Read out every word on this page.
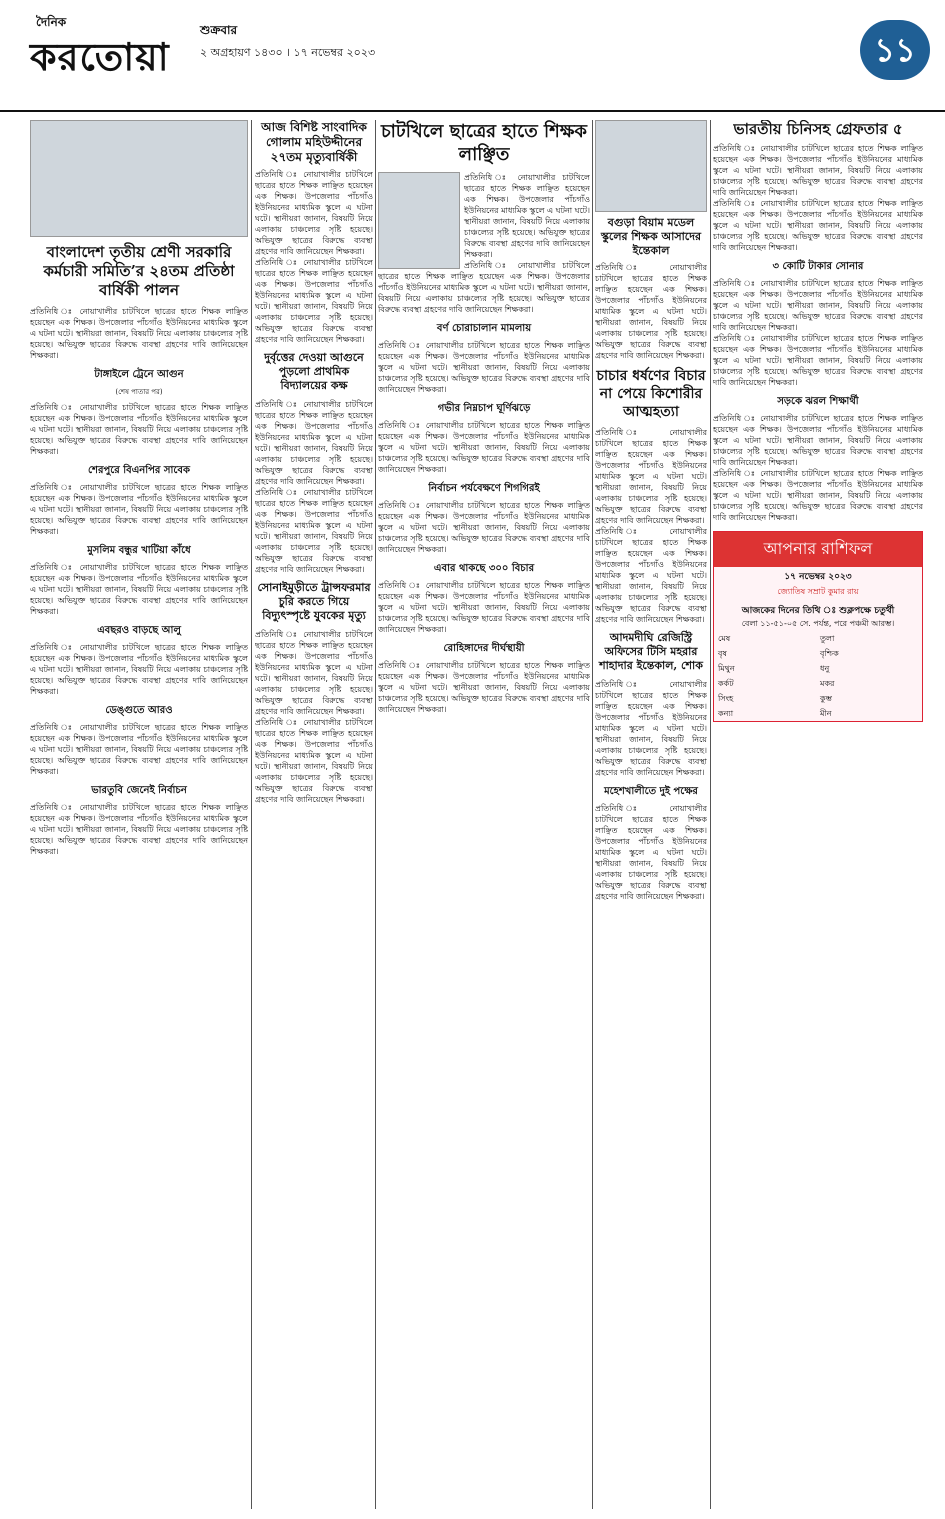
দৈনিক
করতোয়া
শুক্রবার
২ অগ্রহায়ণ ১৪৩০ । ১৭ নভেম্বর ২০২৩	১১
বাংলাদেশ তৃতীয় শ্রেণী সরকারি কর্মচারী সমিতি’র ২৪তম প্রতিষ্ঠা বার্ষিকী পালন
প্রতিনিধি ঃ নোয়াখালীর চাটখিলে ছাত্রের হাতে শিক্ষক লাঞ্ছিত হয়েছেন এক শিক্ষক। উপজেলার পাঁচগাঁও ইউনিয়নের মাধ্যমিক স্কুলে এ ঘটনা ঘটে। স্থানীয়রা জানান, বিষয়টি নিয়ে এলাকায় চাঞ্চল্যের সৃষ্টি হয়েছে। অভিযুক্ত ছাত্রের বিরুদ্ধে ব্যবস্থা গ্রহণের দাবি জানিয়েছেন শিক্ষকরা।
টাঙ্গাইলে ট্রেনে আগুন
(শেষ পাতার পর)
প্রতিনিধি ঃ নোয়াখালীর চাটখিলে ছাত্রের হাতে শিক্ষক লাঞ্ছিত হয়েছেন এক শিক্ষক। উপজেলার পাঁচগাঁও ইউনিয়নের মাধ্যমিক স্কুলে এ ঘটনা ঘটে। স্থানীয়রা জানান, বিষয়টি নিয়ে এলাকায় চাঞ্চল্যের সৃষ্টি হয়েছে। অভিযুক্ত ছাত্রের বিরুদ্ধে ব্যবস্থা গ্রহণের দাবি জানিয়েছেন শিক্ষকরা।
শেরপুরে বিএনপির সাবেক
প্রতিনিধি ঃ নোয়াখালীর চাটখিলে ছাত্রের হাতে শিক্ষক লাঞ্ছিত হয়েছেন এক শিক্ষক। উপজেলার পাঁচগাঁও ইউনিয়নের মাধ্যমিক স্কুলে এ ঘটনা ঘটে। স্থানীয়রা জানান, বিষয়টি নিয়ে এলাকায় চাঞ্চল্যের সৃষ্টি হয়েছে। অভিযুক্ত ছাত্রের বিরুদ্ধে ব্যবস্থা গ্রহণের দাবি জানিয়েছেন শিক্ষকরা।
মুসলিম বন্ধুর খাটিয়া কাঁধে
প্রতিনিধি ঃ নোয়াখালীর চাটখিলে ছাত্রের হাতে শিক্ষক লাঞ্ছিত হয়েছেন এক শিক্ষক। উপজেলার পাঁচগাঁও ইউনিয়নের মাধ্যমিক স্কুলে এ ঘটনা ঘটে। স্থানীয়রা জানান, বিষয়টি নিয়ে এলাকায় চাঞ্চল্যের সৃষ্টি হয়েছে। অভিযুক্ত ছাত্রের বিরুদ্ধে ব্যবস্থা গ্রহণের দাবি জানিয়েছেন শিক্ষকরা।
এবছরও বাড়ছে আলু
প্রতিনিধি ঃ নোয়াখালীর চাটখিলে ছাত্রের হাতে শিক্ষক লাঞ্ছিত হয়েছেন এক শিক্ষক। উপজেলার পাঁচগাঁও ইউনিয়নের মাধ্যমিক স্কুলে এ ঘটনা ঘটে। স্থানীয়রা জানান, বিষয়টি নিয়ে এলাকায় চাঞ্চল্যের সৃষ্টি হয়েছে। অভিযুক্ত ছাত্রের বিরুদ্ধে ব্যবস্থা গ্রহণের দাবি জানিয়েছেন শিক্ষকরা।
ডেঙ্গুতে আরও
প্রতিনিধি ঃ নোয়াখালীর চাটখিলে ছাত্রের হাতে শিক্ষক লাঞ্ছিত হয়েছেন এক শিক্ষক। উপজেলার পাঁচগাঁও ইউনিয়নের মাধ্যমিক স্কুলে এ ঘটনা ঘটে। স্থানীয়রা জানান, বিষয়টি নিয়ে এলাকায় চাঞ্চল্যের সৃষ্টি হয়েছে। অভিযুক্ত ছাত্রের বিরুদ্ধে ব্যবস্থা গ্রহণের দাবি জানিয়েছেন শিক্ষকরা।
ভারতুবি জেনেই নির্বাচন
প্রতিনিধি ঃ নোয়াখালীর চাটখিলে ছাত্রের হাতে শিক্ষক লাঞ্ছিত হয়েছেন এক শিক্ষক। উপজেলার পাঁচগাঁও ইউনিয়নের মাধ্যমিক স্কুলে এ ঘটনা ঘটে। স্থানীয়রা জানান, বিষয়টি নিয়ে এলাকায় চাঞ্চল্যের সৃষ্টি হয়েছে। অভিযুক্ত ছাত্রের বিরুদ্ধে ব্যবস্থা গ্রহণের দাবি জানিয়েছেন শিক্ষকরা।
আজ বিশিষ্ট সাংবাদিক গোলাম মহিউদ্দীনের ২৭তম মৃত্যুবার্ষিকী
প্রতিনিধি ঃ নোয়াখালীর চাটখিলে ছাত্রের হাতে শিক্ষক লাঞ্ছিত হয়েছেন এক শিক্ষক। উপজেলার পাঁচগাঁও ইউনিয়নের মাধ্যমিক স্কুলে এ ঘটনা ঘটে। স্থানীয়রা জানান, বিষয়টি নিয়ে এলাকায় চাঞ্চল্যের সৃষ্টি হয়েছে। অভিযুক্ত ছাত্রের বিরুদ্ধে ব্যবস্থা গ্রহণের দাবি জানিয়েছেন শিক্ষকরা।
প্রতিনিধি ঃ নোয়াখালীর চাটখিলে ছাত্রের হাতে শিক্ষক লাঞ্ছিত হয়েছেন এক শিক্ষক। উপজেলার পাঁচগাঁও ইউনিয়নের মাধ্যমিক স্কুলে এ ঘটনা ঘটে। স্থানীয়রা জানান, বিষয়টি নিয়ে এলাকায় চাঞ্চল্যের সৃষ্টি হয়েছে। অভিযুক্ত ছাত্রের বিরুদ্ধে ব্যবস্থা গ্রহণের দাবি জানিয়েছেন শিক্ষকরা।
দুর্বৃত্তের দেওয়া আগুনে পুড়লো প্রাথমিক বিদ্যালয়ের কক্ষ
প্রতিনিধি ঃ নোয়াখালীর চাটখিলে ছাত্রের হাতে শিক্ষক লাঞ্ছিত হয়েছেন এক শিক্ষক। উপজেলার পাঁচগাঁও ইউনিয়নের মাধ্যমিক স্কুলে এ ঘটনা ঘটে। স্থানীয়রা জানান, বিষয়টি নিয়ে এলাকায় চাঞ্চল্যের সৃষ্টি হয়েছে। অভিযুক্ত ছাত্রের বিরুদ্ধে ব্যবস্থা গ্রহণের দাবি জানিয়েছেন শিক্ষকরা।
প্রতিনিধি ঃ নোয়াখালীর চাটখিলে ছাত্রের হাতে শিক্ষক লাঞ্ছিত হয়েছেন এক শিক্ষক। উপজেলার পাঁচগাঁও ইউনিয়নের মাধ্যমিক স্কুলে এ ঘটনা ঘটে। স্থানীয়রা জানান, বিষয়টি নিয়ে এলাকায় চাঞ্চল্যের সৃষ্টি হয়েছে। অভিযুক্ত ছাত্রের বিরুদ্ধে ব্যবস্থা গ্রহণের দাবি জানিয়েছেন শিক্ষকরা।
সোনাইমুড়ীতে ট্রান্সফরমার চুরি করতে গিয়ে বিদ্যুৎস্পৃষ্টে যুবকের মৃত্যু
প্রতিনিধি ঃ নোয়াখালীর চাটখিলে ছাত্রের হাতে শিক্ষক লাঞ্ছিত হয়েছেন এক শিক্ষক। উপজেলার পাঁচগাঁও ইউনিয়নের মাধ্যমিক স্কুলে এ ঘটনা ঘটে। স্থানীয়রা জানান, বিষয়টি নিয়ে এলাকায় চাঞ্চল্যের সৃষ্টি হয়েছে। অভিযুক্ত ছাত্রের বিরুদ্ধে ব্যবস্থা গ্রহণের দাবি জানিয়েছেন শিক্ষকরা।
প্রতিনিধি ঃ নোয়াখালীর চাটখিলে ছাত্রের হাতে শিক্ষক লাঞ্ছিত হয়েছেন এক শিক্ষক। উপজেলার পাঁচগাঁও ইউনিয়নের মাধ্যমিক স্কুলে এ ঘটনা ঘটে। স্থানীয়রা জানান, বিষয়টি নিয়ে এলাকায় চাঞ্চল্যের সৃষ্টি হয়েছে। অভিযুক্ত ছাত্রের বিরুদ্ধে ব্যবস্থা গ্রহণের দাবি জানিয়েছেন শিক্ষকরা।
চাটখিলে ছাত্রের হাতে শিক্ষক লাঞ্ছিত
প্রতিনিধি ঃ নোয়াখালীর চাটখিলে ছাত্রের হাতে শিক্ষক লাঞ্ছিত হয়েছেন এক শিক্ষক। উপজেলার পাঁচগাঁও ইউনিয়নের মাধ্যমিক স্কুলে এ ঘটনা ঘটে। স্থানীয়রা জানান, বিষয়টি নিয়ে এলাকায় চাঞ্চল্যের সৃষ্টি হয়েছে। অভিযুক্ত ছাত্রের বিরুদ্ধে ব্যবস্থা গ্রহণের দাবি জানিয়েছেন শিক্ষকরা।
প্রতিনিধি ঃ নোয়াখালীর চাটখিলে ছাত্রের হাতে শিক্ষক লাঞ্ছিত হয়েছেন এক শিক্ষক। উপজেলার পাঁচগাঁও ইউনিয়নের মাধ্যমিক স্কুলে এ ঘটনা ঘটে। স্থানীয়রা জানান, বিষয়টি নিয়ে এলাকায় চাঞ্চল্যের সৃষ্টি হয়েছে। অভিযুক্ত ছাত্রের বিরুদ্ধে ব্যবস্থা গ্রহণের দাবি জানিয়েছেন শিক্ষকরা।
বর্ণ চোরাচালান মামলায়
প্রতিনিধি ঃ নোয়াখালীর চাটখিলে ছাত্রের হাতে শিক্ষক লাঞ্ছিত হয়েছেন এক শিক্ষক। উপজেলার পাঁচগাঁও ইউনিয়নের মাধ্যমিক স্কুলে এ ঘটনা ঘটে। স্থানীয়রা জানান, বিষয়টি নিয়ে এলাকায় চাঞ্চল্যের সৃষ্টি হয়েছে। অভিযুক্ত ছাত্রের বিরুদ্ধে ব্যবস্থা গ্রহণের দাবি জানিয়েছেন শিক্ষকরা।
গভীর নিম্নচাপ ঘূর্ণিঝড়ে
প্রতিনিধি ঃ নোয়াখালীর চাটখিলে ছাত্রের হাতে শিক্ষক লাঞ্ছিত হয়েছেন এক শিক্ষক। উপজেলার পাঁচগাঁও ইউনিয়নের মাধ্যমিক স্কুলে এ ঘটনা ঘটে। স্থানীয়রা জানান, বিষয়টি নিয়ে এলাকায় চাঞ্চল্যের সৃষ্টি হয়েছে। অভিযুক্ত ছাত্রের বিরুদ্ধে ব্যবস্থা গ্রহণের দাবি জানিয়েছেন শিক্ষকরা।
নির্বাচন পর্যবেক্ষণে শিগগিরই
প্রতিনিধি ঃ নোয়াখালীর চাটখিলে ছাত্রের হাতে শিক্ষক লাঞ্ছিত হয়েছেন এক শিক্ষক। উপজেলার পাঁচগাঁও ইউনিয়নের মাধ্যমিক স্কুলে এ ঘটনা ঘটে। স্থানীয়রা জানান, বিষয়টি নিয়ে এলাকায় চাঞ্চল্যের সৃষ্টি হয়েছে। অভিযুক্ত ছাত্রের বিরুদ্ধে ব্যবস্থা গ্রহণের দাবি জানিয়েছেন শিক্ষকরা।
এবার থাকছে ৩০০ বিচার
প্রতিনিধি ঃ নোয়াখালীর চাটখিলে ছাত্রের হাতে শিক্ষক লাঞ্ছিত হয়েছেন এক শিক্ষক। উপজেলার পাঁচগাঁও ইউনিয়নের মাধ্যমিক স্কুলে এ ঘটনা ঘটে। স্থানীয়রা জানান, বিষয়টি নিয়ে এলাকায় চাঞ্চল্যের সৃষ্টি হয়েছে। অভিযুক্ত ছাত্রের বিরুদ্ধে ব্যবস্থা গ্রহণের দাবি জানিয়েছেন শিক্ষকরা।
রোহিঙ্গাদের দীর্ঘস্থায়ী
প্রতিনিধি ঃ নোয়াখালীর চাটখিলে ছাত্রের হাতে শিক্ষক লাঞ্ছিত হয়েছেন এক শিক্ষক। উপজেলার পাঁচগাঁও ইউনিয়নের মাধ্যমিক স্কুলে এ ঘটনা ঘটে। স্থানীয়রা জানান, বিষয়টি নিয়ে এলাকায় চাঞ্চল্যের সৃষ্টি হয়েছে। অভিযুক্ত ছাত্রের বিরুদ্ধে ব্যবস্থা গ্রহণের দাবি জানিয়েছেন শিক্ষকরা।
বগুড়া বিয়াম মডেল স্কুলের শিক্ষক আসাদের ইন্তেকাল
প্রতিনিধি ঃ নোয়াখালীর চাটখিলে ছাত্রের হাতে শিক্ষক লাঞ্ছিত হয়েছেন এক শিক্ষক। উপজেলার পাঁচগাঁও ইউনিয়নের মাধ্যমিক স্কুলে এ ঘটনা ঘটে। স্থানীয়রা জানান, বিষয়টি নিয়ে এলাকায় চাঞ্চল্যের সৃষ্টি হয়েছে। অভিযুক্ত ছাত্রের বিরুদ্ধে ব্যবস্থা গ্রহণের দাবি জানিয়েছেন শিক্ষকরা।
চাচার ধর্ষণের বিচার না পেয়ে কিশোরীর আত্মহত্যা
প্রতিনিধি ঃ নোয়াখালীর চাটখিলে ছাত্রের হাতে শিক্ষক লাঞ্ছিত হয়েছেন এক শিক্ষক। উপজেলার পাঁচগাঁও ইউনিয়নের মাধ্যমিক স্কুলে এ ঘটনা ঘটে। স্থানীয়রা জানান, বিষয়টি নিয়ে এলাকায় চাঞ্চল্যের সৃষ্টি হয়েছে। অভিযুক্ত ছাত্রের বিরুদ্ধে ব্যবস্থা গ্রহণের দাবি জানিয়েছেন শিক্ষকরা।
প্রতিনিধি ঃ নোয়াখালীর চাটখিলে ছাত্রের হাতে শিক্ষক লাঞ্ছিত হয়েছেন এক শিক্ষক। উপজেলার পাঁচগাঁও ইউনিয়নের মাধ্যমিক স্কুলে এ ঘটনা ঘটে। স্থানীয়রা জানান, বিষয়টি নিয়ে এলাকায় চাঞ্চল্যের সৃষ্টি হয়েছে। অভিযুক্ত ছাত্রের বিরুদ্ধে ব্যবস্থা গ্রহণের দাবি জানিয়েছেন শিক্ষকরা।
আদমদীঘি রেজিস্ট্রি অফিসের টিসি মহরার শাহাদার ইন্তেকাল, শোক
প্রতিনিধি ঃ নোয়াখালীর চাটখিলে ছাত্রের হাতে শিক্ষক লাঞ্ছিত হয়েছেন এক শিক্ষক। উপজেলার পাঁচগাঁও ইউনিয়নের মাধ্যমিক স্কুলে এ ঘটনা ঘটে। স্থানীয়রা জানান, বিষয়টি নিয়ে এলাকায় চাঞ্চল্যের সৃষ্টি হয়েছে। অভিযুক্ত ছাত্রের বিরুদ্ধে ব্যবস্থা গ্রহণের দাবি জানিয়েছেন শিক্ষকরা।
মহেশখালীতে দুই পক্ষের
প্রতিনিধি ঃ নোয়াখালীর চাটখিলে ছাত্রের হাতে শিক্ষক লাঞ্ছিত হয়েছেন এক শিক্ষক। উপজেলার পাঁচগাঁও ইউনিয়নের মাধ্যমিক স্কুলে এ ঘটনা ঘটে। স্থানীয়রা জানান, বিষয়টি নিয়ে এলাকায় চাঞ্চল্যের সৃষ্টি হয়েছে। অভিযুক্ত ছাত্রের বিরুদ্ধে ব্যবস্থা গ্রহণের দাবি জানিয়েছেন শিক্ষকরা।
ভারতীয় চিনিসহ গ্রেফতার ৫
প্রতিনিধি ঃ নোয়াখালীর চাটখিলে ছাত্রের হাতে শিক্ষক লাঞ্ছিত হয়েছেন এক শিক্ষক। উপজেলার পাঁচগাঁও ইউনিয়নের মাধ্যমিক স্কুলে এ ঘটনা ঘটে। স্থানীয়রা জানান, বিষয়টি নিয়ে এলাকায় চাঞ্চল্যের সৃষ্টি হয়েছে। অভিযুক্ত ছাত্রের বিরুদ্ধে ব্যবস্থা গ্রহণের দাবি জানিয়েছেন শিক্ষকরা।
প্রতিনিধি ঃ নোয়াখালীর চাটখিলে ছাত্রের হাতে শিক্ষক লাঞ্ছিত হয়েছেন এক শিক্ষক। উপজেলার পাঁচগাঁও ইউনিয়নের মাধ্যমিক স্কুলে এ ঘটনা ঘটে। স্থানীয়রা জানান, বিষয়টি নিয়ে এলাকায় চাঞ্চল্যের সৃষ্টি হয়েছে। অভিযুক্ত ছাত্রের বিরুদ্ধে ব্যবস্থা গ্রহণের দাবি জানিয়েছেন শিক্ষকরা।
৩ কোটি টাকার সোনার
প্রতিনিধি ঃ নোয়াখালীর চাটখিলে ছাত্রের হাতে শিক্ষক লাঞ্ছিত হয়েছেন এক শিক্ষক। উপজেলার পাঁচগাঁও ইউনিয়নের মাধ্যমিক স্কুলে এ ঘটনা ঘটে। স্থানীয়রা জানান, বিষয়টি নিয়ে এলাকায় চাঞ্চল্যের সৃষ্টি হয়েছে। অভিযুক্ত ছাত্রের বিরুদ্ধে ব্যবস্থা গ্রহণের দাবি জানিয়েছেন শিক্ষকরা।
প্রতিনিধি ঃ নোয়াখালীর চাটখিলে ছাত্রের হাতে শিক্ষক লাঞ্ছিত হয়েছেন এক শিক্ষক। উপজেলার পাঁচগাঁও ইউনিয়নের মাধ্যমিক স্কুলে এ ঘটনা ঘটে। স্থানীয়রা জানান, বিষয়টি নিয়ে এলাকায় চাঞ্চল্যের সৃষ্টি হয়েছে। অভিযুক্ত ছাত্রের বিরুদ্ধে ব্যবস্থা গ্রহণের দাবি জানিয়েছেন শিক্ষকরা।
সড়কে ঝরল শিক্ষার্থী
প্রতিনিধি ঃ নোয়াখালীর চাটখিলে ছাত্রের হাতে শিক্ষক লাঞ্ছিত হয়েছেন এক শিক্ষক। উপজেলার পাঁচগাঁও ইউনিয়নের মাধ্যমিক স্কুলে এ ঘটনা ঘটে। স্থানীয়রা জানান, বিষয়টি নিয়ে এলাকায় চাঞ্চল্যের সৃষ্টি হয়েছে। অভিযুক্ত ছাত্রের বিরুদ্ধে ব্যবস্থা গ্রহণের দাবি জানিয়েছেন শিক্ষকরা।
প্রতিনিধি ঃ নোয়াখালীর চাটখিলে ছাত্রের হাতে শিক্ষক লাঞ্ছিত হয়েছেন এক শিক্ষক। উপজেলার পাঁচগাঁও ইউনিয়নের মাধ্যমিক স্কুলে এ ঘটনা ঘটে। স্থানীয়রা জানান, বিষয়টি নিয়ে এলাকায় চাঞ্চল্যের সৃষ্টি হয়েছে। অভিযুক্ত ছাত্রের বিরুদ্ধে ব্যবস্থা গ্রহণের দাবি জানিয়েছেন শিক্ষকরা।
আপনার রাশিফল
১৭ নভেম্বর ২০২৩
জ্যোতিষ সম্রাট কুমার রায়
আজকের দিনের তিথি ঃ শুক্লপক্ষে চতুর্থী
বেলা ১১-৫১-০৫ সে. পর্যন্ত, পরে পঞ্চমী আরম্ভ।
মেষ	তুলা
বৃষ	বৃশ্চিক
মিথুন	ধনু
কর্কট	মকর
সিংহ	কুম্ভ
কন্যা	মীন
